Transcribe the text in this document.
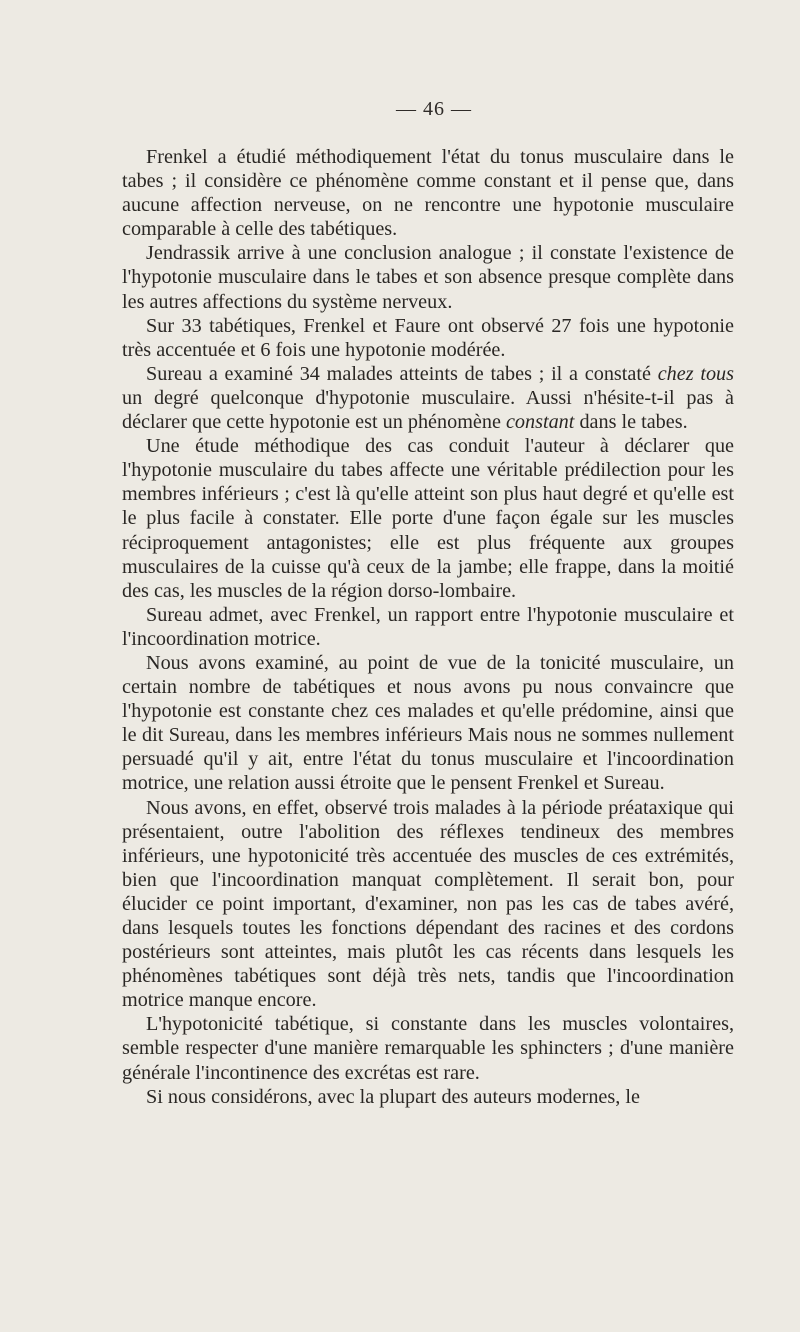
— 46 —

Frenkel a étudié méthodiquement l'état du tonus musculaire dans le tabes ; il considère ce phénomène comme constant et il pense que, dans aucune affection nerveuse, on ne rencontre une hypotonie musculaire comparable à celle des tabétiques.

Jendrassik arrive à une conclusion analogue ; il constate l'existence de l'hypotonie musculaire dans le tabes et son absence presque complète dans les autres affections du système nerveux.

Sur 33 tabétiques, Frenkel et Faure ont observé 27 fois une hypotonie très accentuée et 6 fois une hypotonie modérée.

Sureau a examiné 34 malades atteints de tabes ; il a constaté chez tous un degré quelconque d'hypotonie musculaire. Aussi n'hésite-t-il pas à déclarer que cette hypotonie est un phénomène constant dans le tabes.

Une étude méthodique des cas conduit l'auteur à déclarer que l'hypotonie musculaire du tabes affecte une véritable prédilection pour les membres inférieurs ; c'est là qu'elle atteint son plus haut degré et qu'elle est le plus facile à constater. Elle porte d'une façon égale sur les muscles réciproquement antagonistes; elle est plus fréquente aux groupes musculaires de la cuisse qu'à ceux de la jambe; elle frappe, dans la moitié des cas, les muscles de la région dorso-lombaire.

Sureau admet, avec Frenkel, un rapport entre l'hypotonie musculaire et l'incoordination motrice.

Nous avons examiné, au point de vue de la tonicité musculaire, un certain nombre de tabétiques et nous avons pu nous convaincre que l'hypotonie est constante chez ces malades et qu'elle prédomine, ainsi que le dit Sureau, dans les membres inférieurs Mais nous ne sommes nullement persuadé qu'il y ait, entre l'état du tonus musculaire et l'incoordination motrice, une relation aussi étroite que le pensent Frenkel et Sureau.

Nous avons, en effet, observé trois malades à la période préataxique qui présentaient, outre l'abolition des réflexes tendineux des membres inférieurs, une hypotonicité très accentuée des muscles de ces extrémités, bien que l'incoordination manquat complètement. Il serait bon, pour élucider ce point important, d'examiner, non pas les cas de tabes avéré, dans lesquels toutes les fonctions dépendant des racines et des cordons postérieurs sont atteintes, mais plutôt les cas récents dans lesquels les phénomènes tabétiques sont déjà très nets, tandis que l'incoordination motrice manque encore.

L'hypotonicité tabétique, si constante dans les muscles volontaires, semble respecter d'une manière remarquable les sphincters ; d'une manière générale l'incontinence des excrétas est rare.

Si nous considérons, avec la plupart des auteurs modernes, le
